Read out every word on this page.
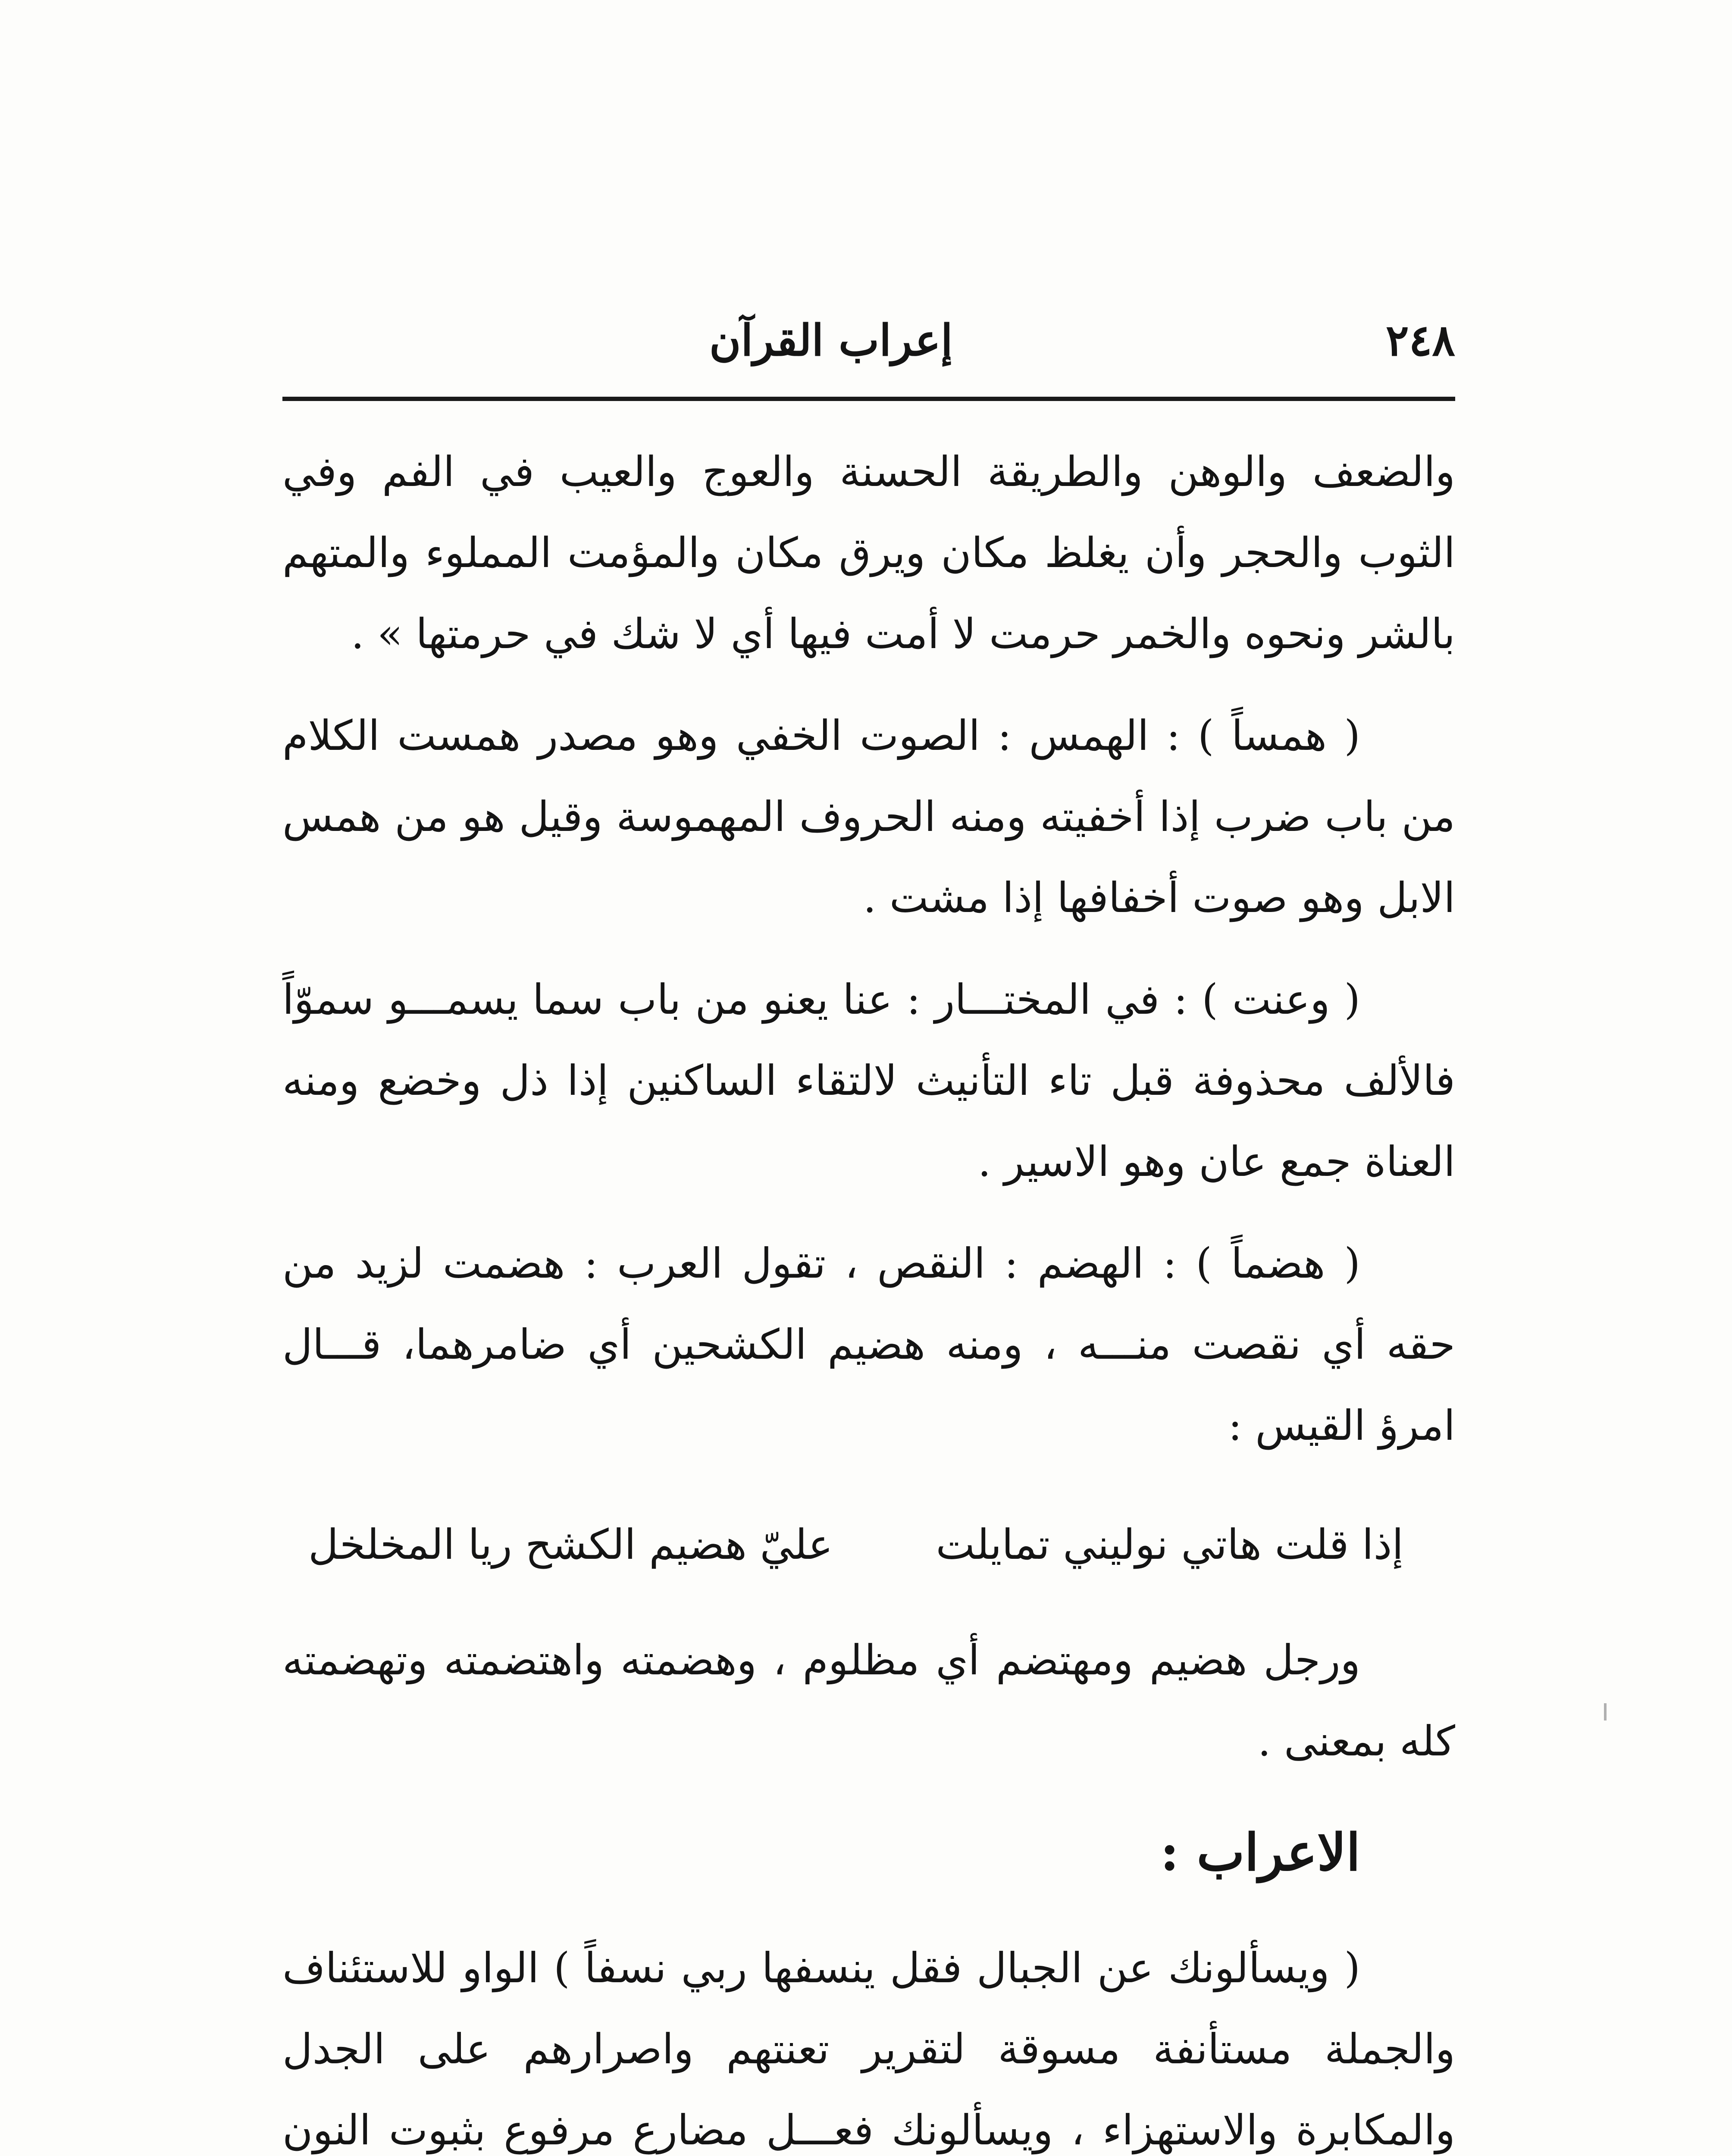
٢٤٨
إعراب القرآن

والضعف والوهن والطريقة الحسنة والعوج والعيب في الفم وفي الثوب والحجر وأن يغلظ مكان ويرق مكان والمؤمت المملوء والمتهم بالشر ونحوه والخمر حرمت لا أمت فيها أي لا شك في حرمتها » .

( همساً ) : الهمس : الصوت الخفي وهو مصدر همست الكلام من باب ضرب إذا أخفيته ومنه الحروف المهموسة وقيل هو من همس الابل وهو صوت أخفافها إذا مشت .

( وعنت ) : في المختـــار : عنا يعنو من باب سما يسمـــو سموّاً فالألف محذوفة قبل تاء التأنيث لالتقاء الساكنين إذا ذل وخضع ومنه العناة جمع عان وهو الاسير .

( هضماً ) : الهضم : النقص ، تقول العرب : هضمت لزيد من حقه أي نقصت منـــه ، ومنه هضيم الكشحين أي ضامرهما، قـــال امرؤ القيس :

إذا قلت هاتي نوليني تمايلت
عليّ هضيم الكشح ريا المخلخل

ورجل هضيم ومهتضم أي مظلوم ، وهضمته واهتضمته وتهضمته كله بمعنى .

الاعراب :

( ويسألونك عن الجبال فقل ينسفها ربي نسفاً ) الواو للاستئناف والجملة مستأنفة مسوقة لتقرير تعنتهم واصرارهم على الجدل والمكابرة والاستهزاء ، ويسألونك فعـــل مضارع مرفوع بثبوت النون
